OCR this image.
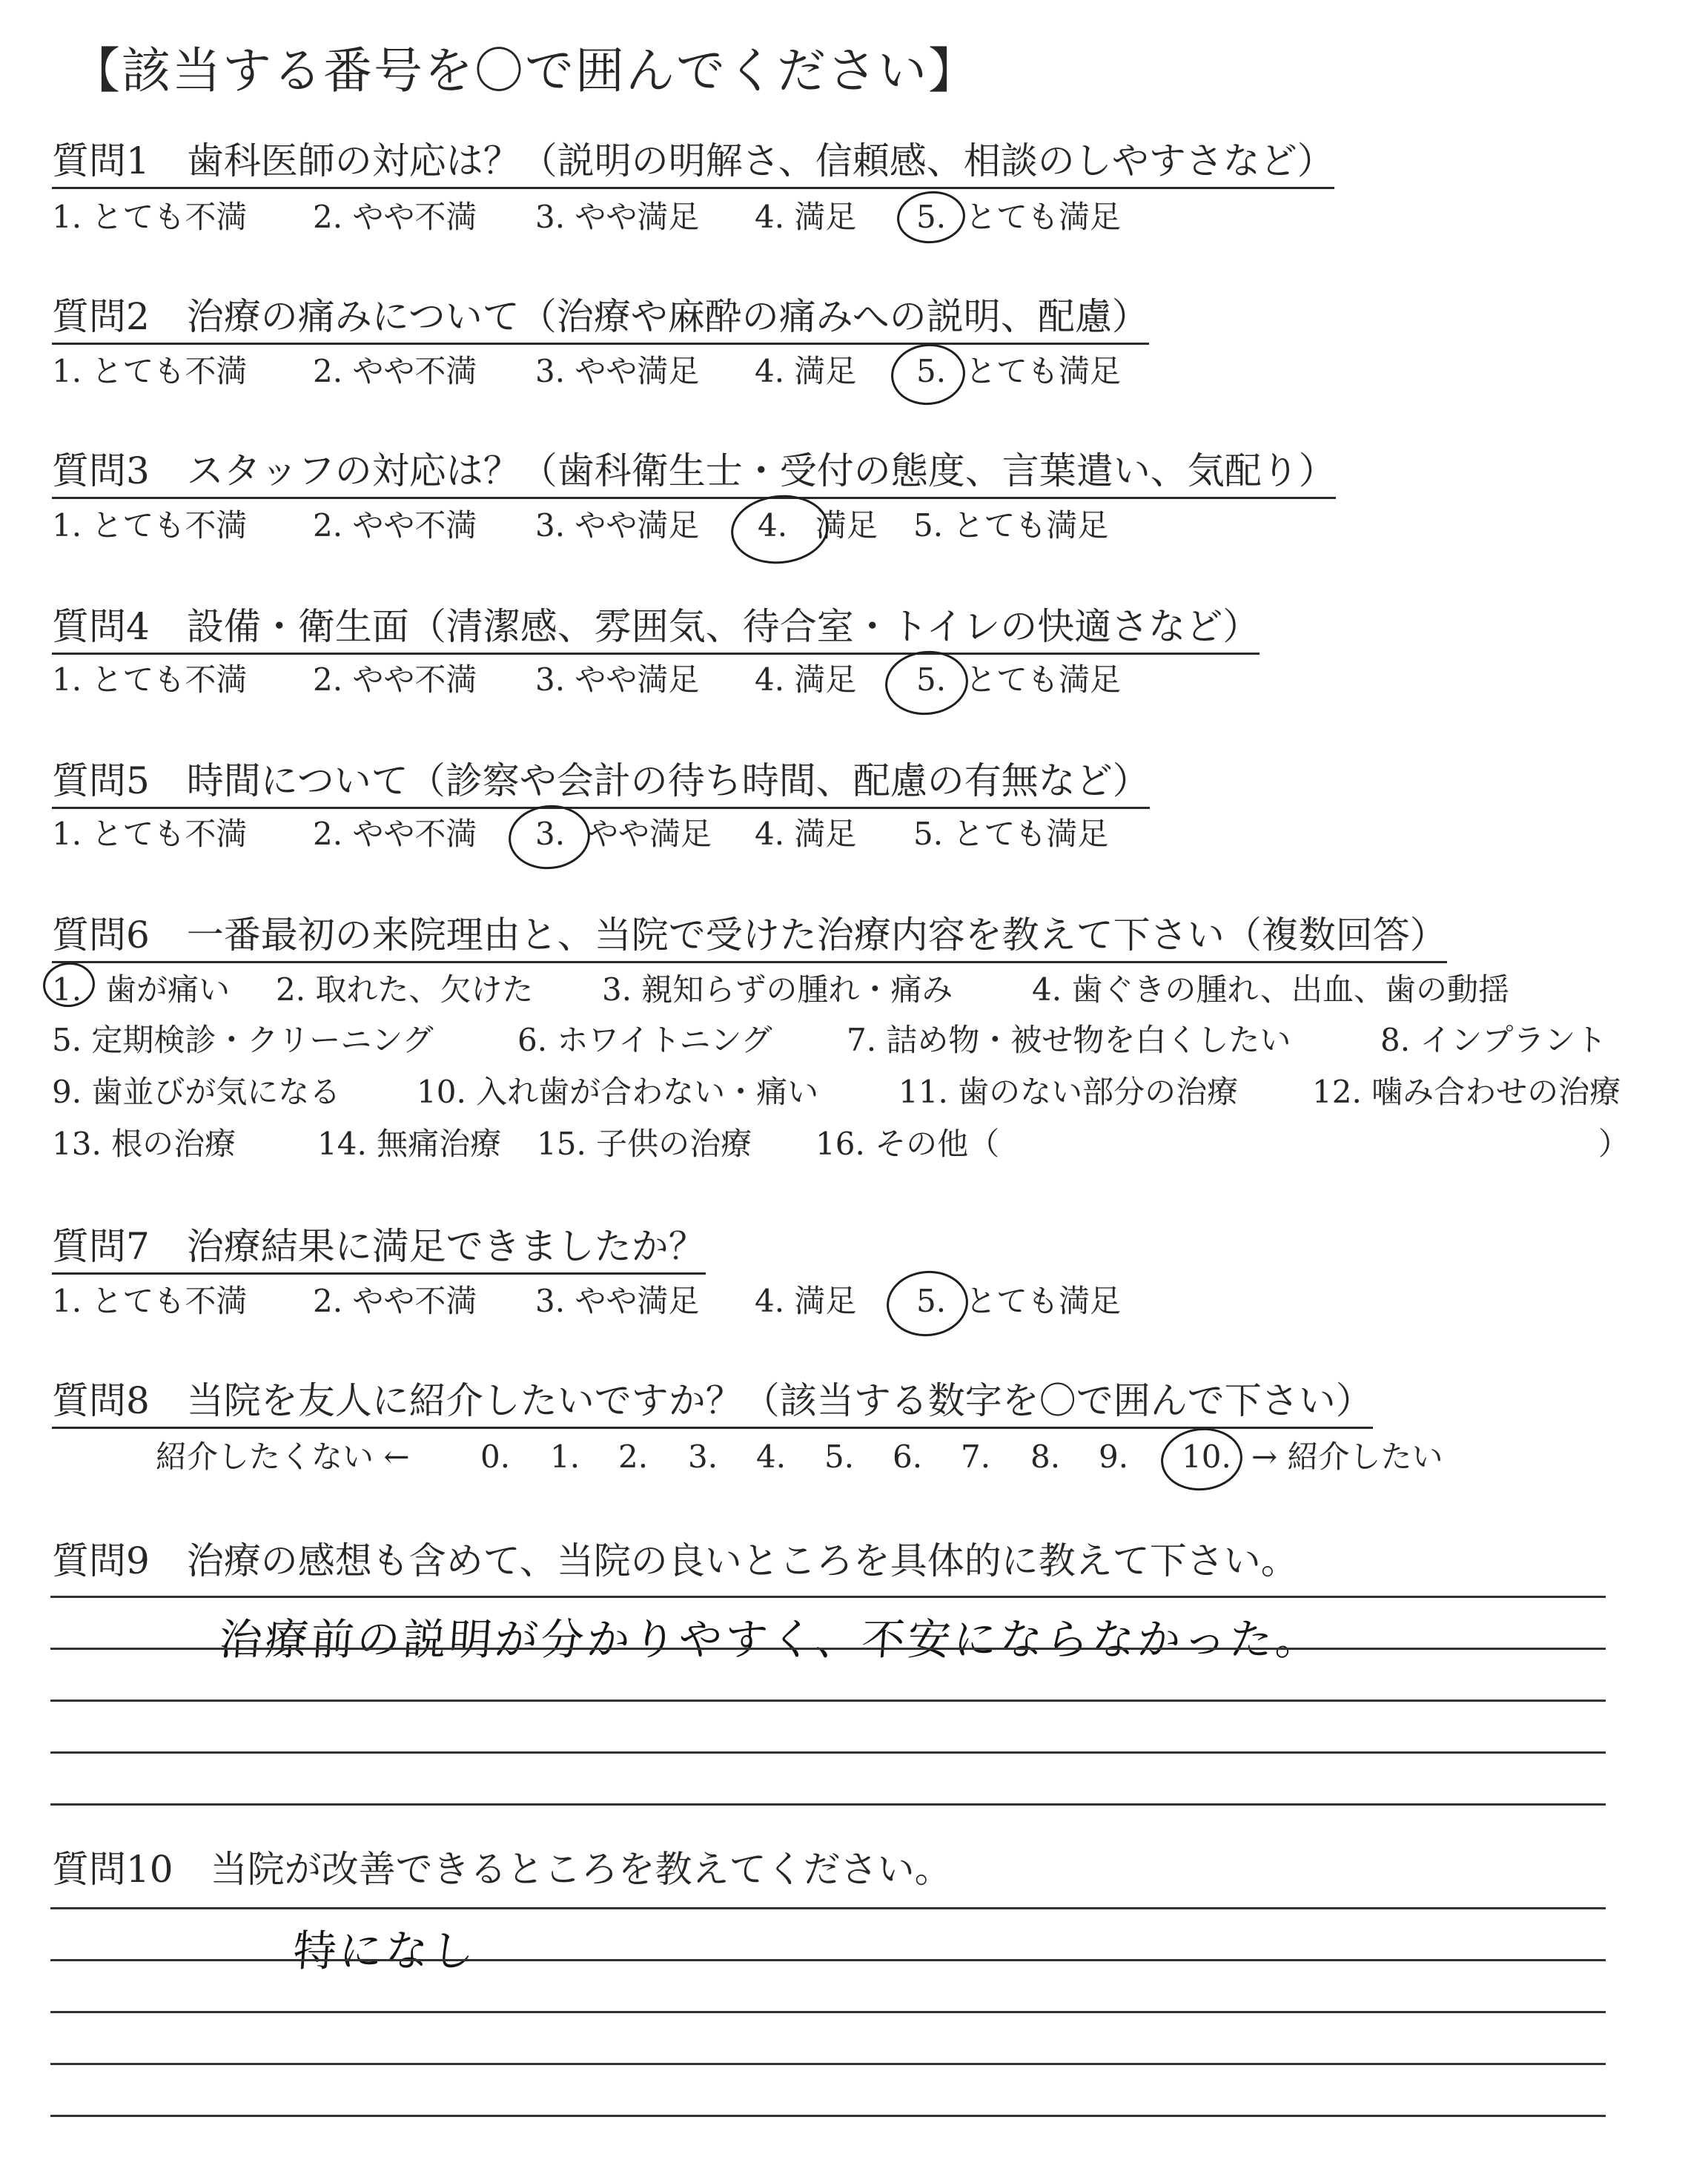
【該当する番号を〇で囲んでください】
質問1　歯科医師の対応は？（説明の明解さ、信頼感、相談のしやすさなど）
1. とても不満 2. やや不満 3. やや満足 4. 満足 5. とても満足
質問2　治療の痛みについて（治療や麻酔の痛みへの説明、配慮）
1. とても不満 2. やや不満 3. やや満足 4. 満足 5. とても満足
質問3　スタッフの対応は？（歯科衛生士・受付の態度、言葉遣い、気配り）
1. とても不満 2. やや不満 3. やや満足 4. 満足 5. とても満足
質問4　設備・衛生面（清潔感、雰囲気、待合室・トイレの快適さなど）
1. とても不満 2. やや不満 3. やや満足 4. 満足 5. とても満足
質問5　時間について（診察や会計の待ち時間、配慮の有無など）
1. とても不満 2. やや不満 3. やや満足 4. 満足 5. とても満足
質問6　一番最初の来院理由と、当院で受けた治療内容を教えて下さい（複数回答）
1. 歯が痛い 2. 取れた、欠けた 3. 親知らずの腫れ・痛み	4. 歯ぐきの腫れ、出血、歯の動揺
5. 定期検診・クリーニング	6. ホワイトニング 7. 詰め物・被せ物を白くしたい	8. インプラント
9. 歯並びが気になる 10. 入れ歯が合わない・痛い	11. 歯のない部分の治療 12. 噛み合わせの治療
13. 根の治療	14. 無痛治療 15. 子供の治療 16. その他（	）
質問7　治療結果に満足できましたか？
1. とても不満 2. やや不満 3. やや満足 4. 満足 5. とても満足
質問8　当院を友人に紹介したいですか？（該当する数字を〇で囲んで下さい）
紹介したくない ← 0. 1. 2. 3. 4. 5. 6. 7. 8. 9. 10. → 紹介したい
質問9　治療の感想も含めて、当院の良いところを具体的に教えて下さい。
治療前の説明が分かりやすく、不安にならなかった。
質問10　当院が改善できるところを教えてください。
特になし
